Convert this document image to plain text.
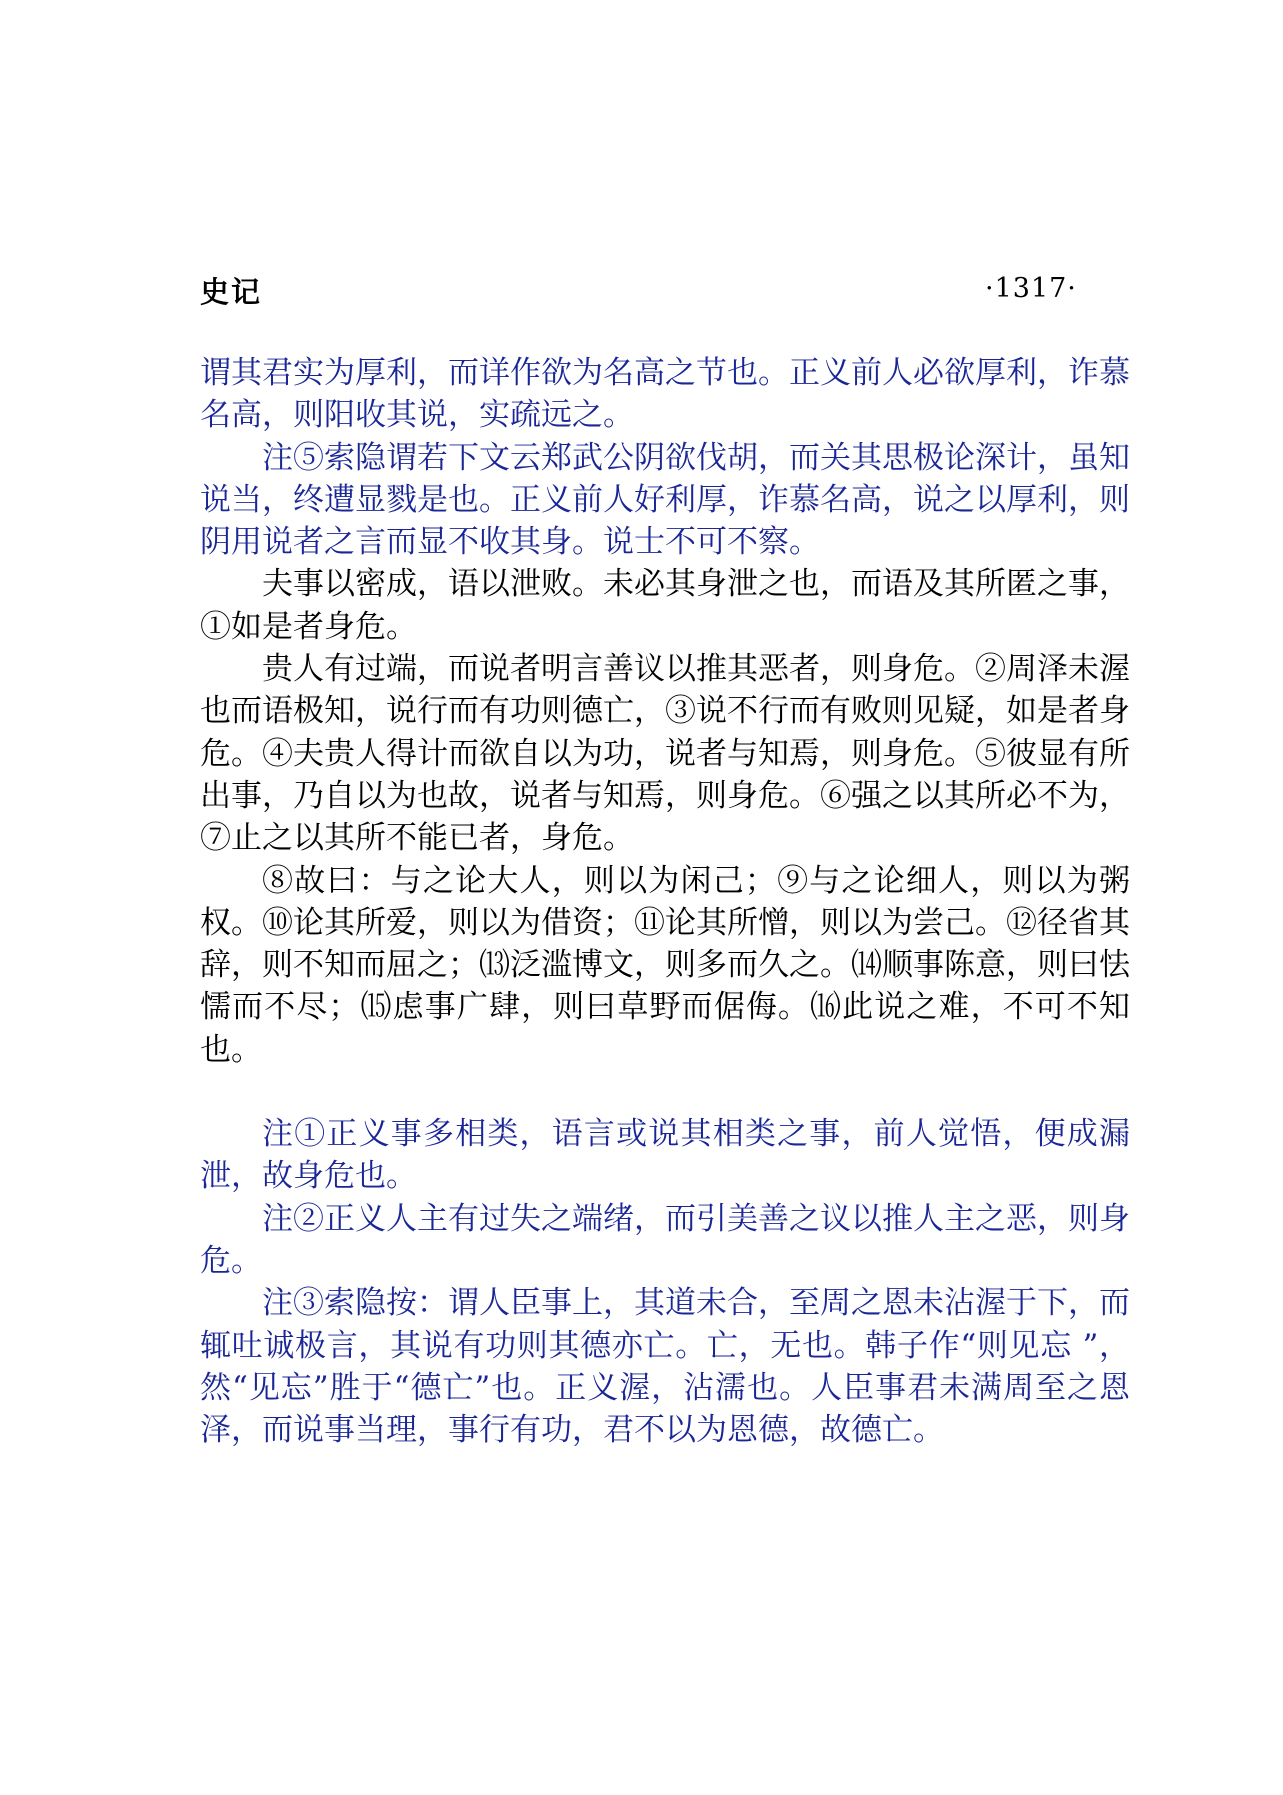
史记	·1317·

谓其君实为厚利，而详作欲为名高之节也。正义前人必欲厚利，诈慕名高，则阳收其说，实疏远之。

注⑤索隐谓若下文云郑武公阴欲伐胡，而关其思极论深计，虽知说当，终遭显戮是也。正义前人好利厚，诈慕名高，说之以厚利，则阴用说者之言而显不收其身。说士不可不察。

夫事以密成，语以泄败。未必其身泄之也，而语及其所匿之事，①如是者身危。

贵人有过端，而说者明言善议以推其恶者，则身危。②周泽未渥也而语极知，说行而有功则德亡，③说不行而有败则见疑，如是者身危。④夫贵人得计而欲自以为功，说者与知焉，则身危。⑤彼显有所出事，乃自以为也故，说者与知焉，则身危。⑥强之以其所必不为，⑦止之以其所不能已者，身危。

⑧故曰：与之论大人，则以为闲己；⑨与之论细人，则以为粥权。⑩论其所爱，则以为借资；⑪论其所憎，则以为尝己。⑫径省其辞，则不知而屈之；⒀泛滥博文，则多而久之。⒁顺事陈意，则曰怯懦而不尽；⒂虑事广肆，则曰草野而倨侮。⒃此说之难，不可不知也。

注①正义事多相类，语言或说其相类之事，前人觉悟，便成漏泄，故身危也。

注②正义人主有过失之端绪，而引美善之议以推人主之恶，则身危。

注③索隐按：谓人臣事上，其道未合，至周之恩未沾渥于下，而辄吐诚极言，其说有功则其德亦亡。亡，无也。韩子作“则见忘 ”，然“见忘”胜于“德亡”也。正义渥，沾濡也。人臣事君未满周至之恩泽，而说事当理，事行有功，君不以为恩德，故德亡。
